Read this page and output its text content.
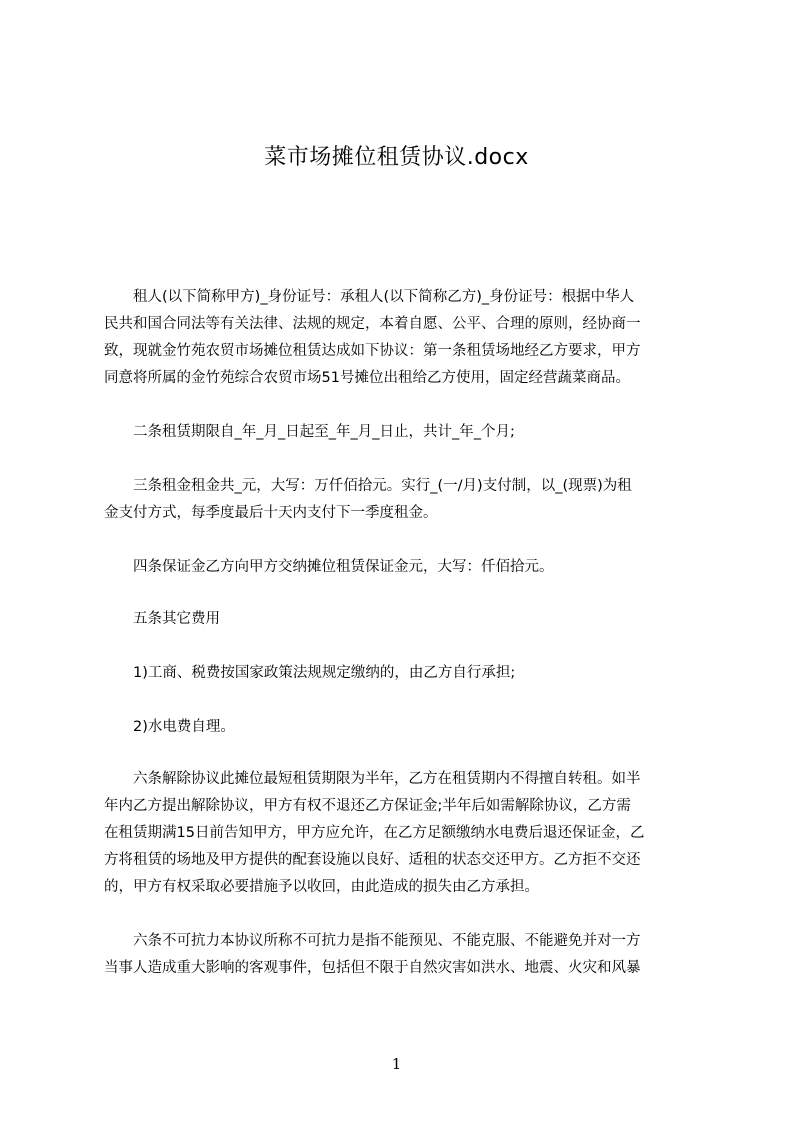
菜市场摊位租赁协议.docx
　　租人(以下简称甲方)_身份证号：承租人(以下简称乙方)_身份证号：根据中华人
民共和国合同法等有关法律、法规的规定，本着自愿、公平、合理的原则，经协商一
致，现就金竹苑农贸市场摊位租赁达成如下协议：第一条租赁场地经乙方要求，甲方
同意将所属的金竹苑综合农贸市场51号摊位出租给乙方使用，固定经营蔬菜商品。
　　二条租赁期限自_年_月_日起至_年_月_日止，共计_年_个月;
　　三条租金租金共_元，大写：万仟佰拾元。实行_(一/月)支付制，以_(现票)为租
金支付方式，每季度最后十天内支付下一季度租金。
　　四条保证金乙方向甲方交纳摊位租赁保证金元，大写：仟佰拾元。
　　五条其它费用
　　1)工商、税费按国家政策法规规定缴纳的，由乙方自行承担;
　　2)水电费自理。
　　六条解除协议此摊位最短租赁期限为半年，乙方在租赁期内不得擅自转租。如半
年内乙方提出解除协议，甲方有权不退还乙方保证金;半年后如需解除协议，乙方需
在租赁期满15日前告知甲方，甲方应允许，在乙方足额缴纳水电费后退还保证金，乙
方将租赁的场地及甲方提供的配套设施以良好、适租的状态交还甲方。乙方拒不交还
的，甲方有权采取必要措施予以收回，由此造成的损失由乙方承担。
　　六条不可抗力本协议所称不可抗力是指不能预见、不能克服、不能避免并对一方
当事人造成重大影响的客观事件，包括但不限于自然灾害如洪水、地震、火灾和风暴
1
